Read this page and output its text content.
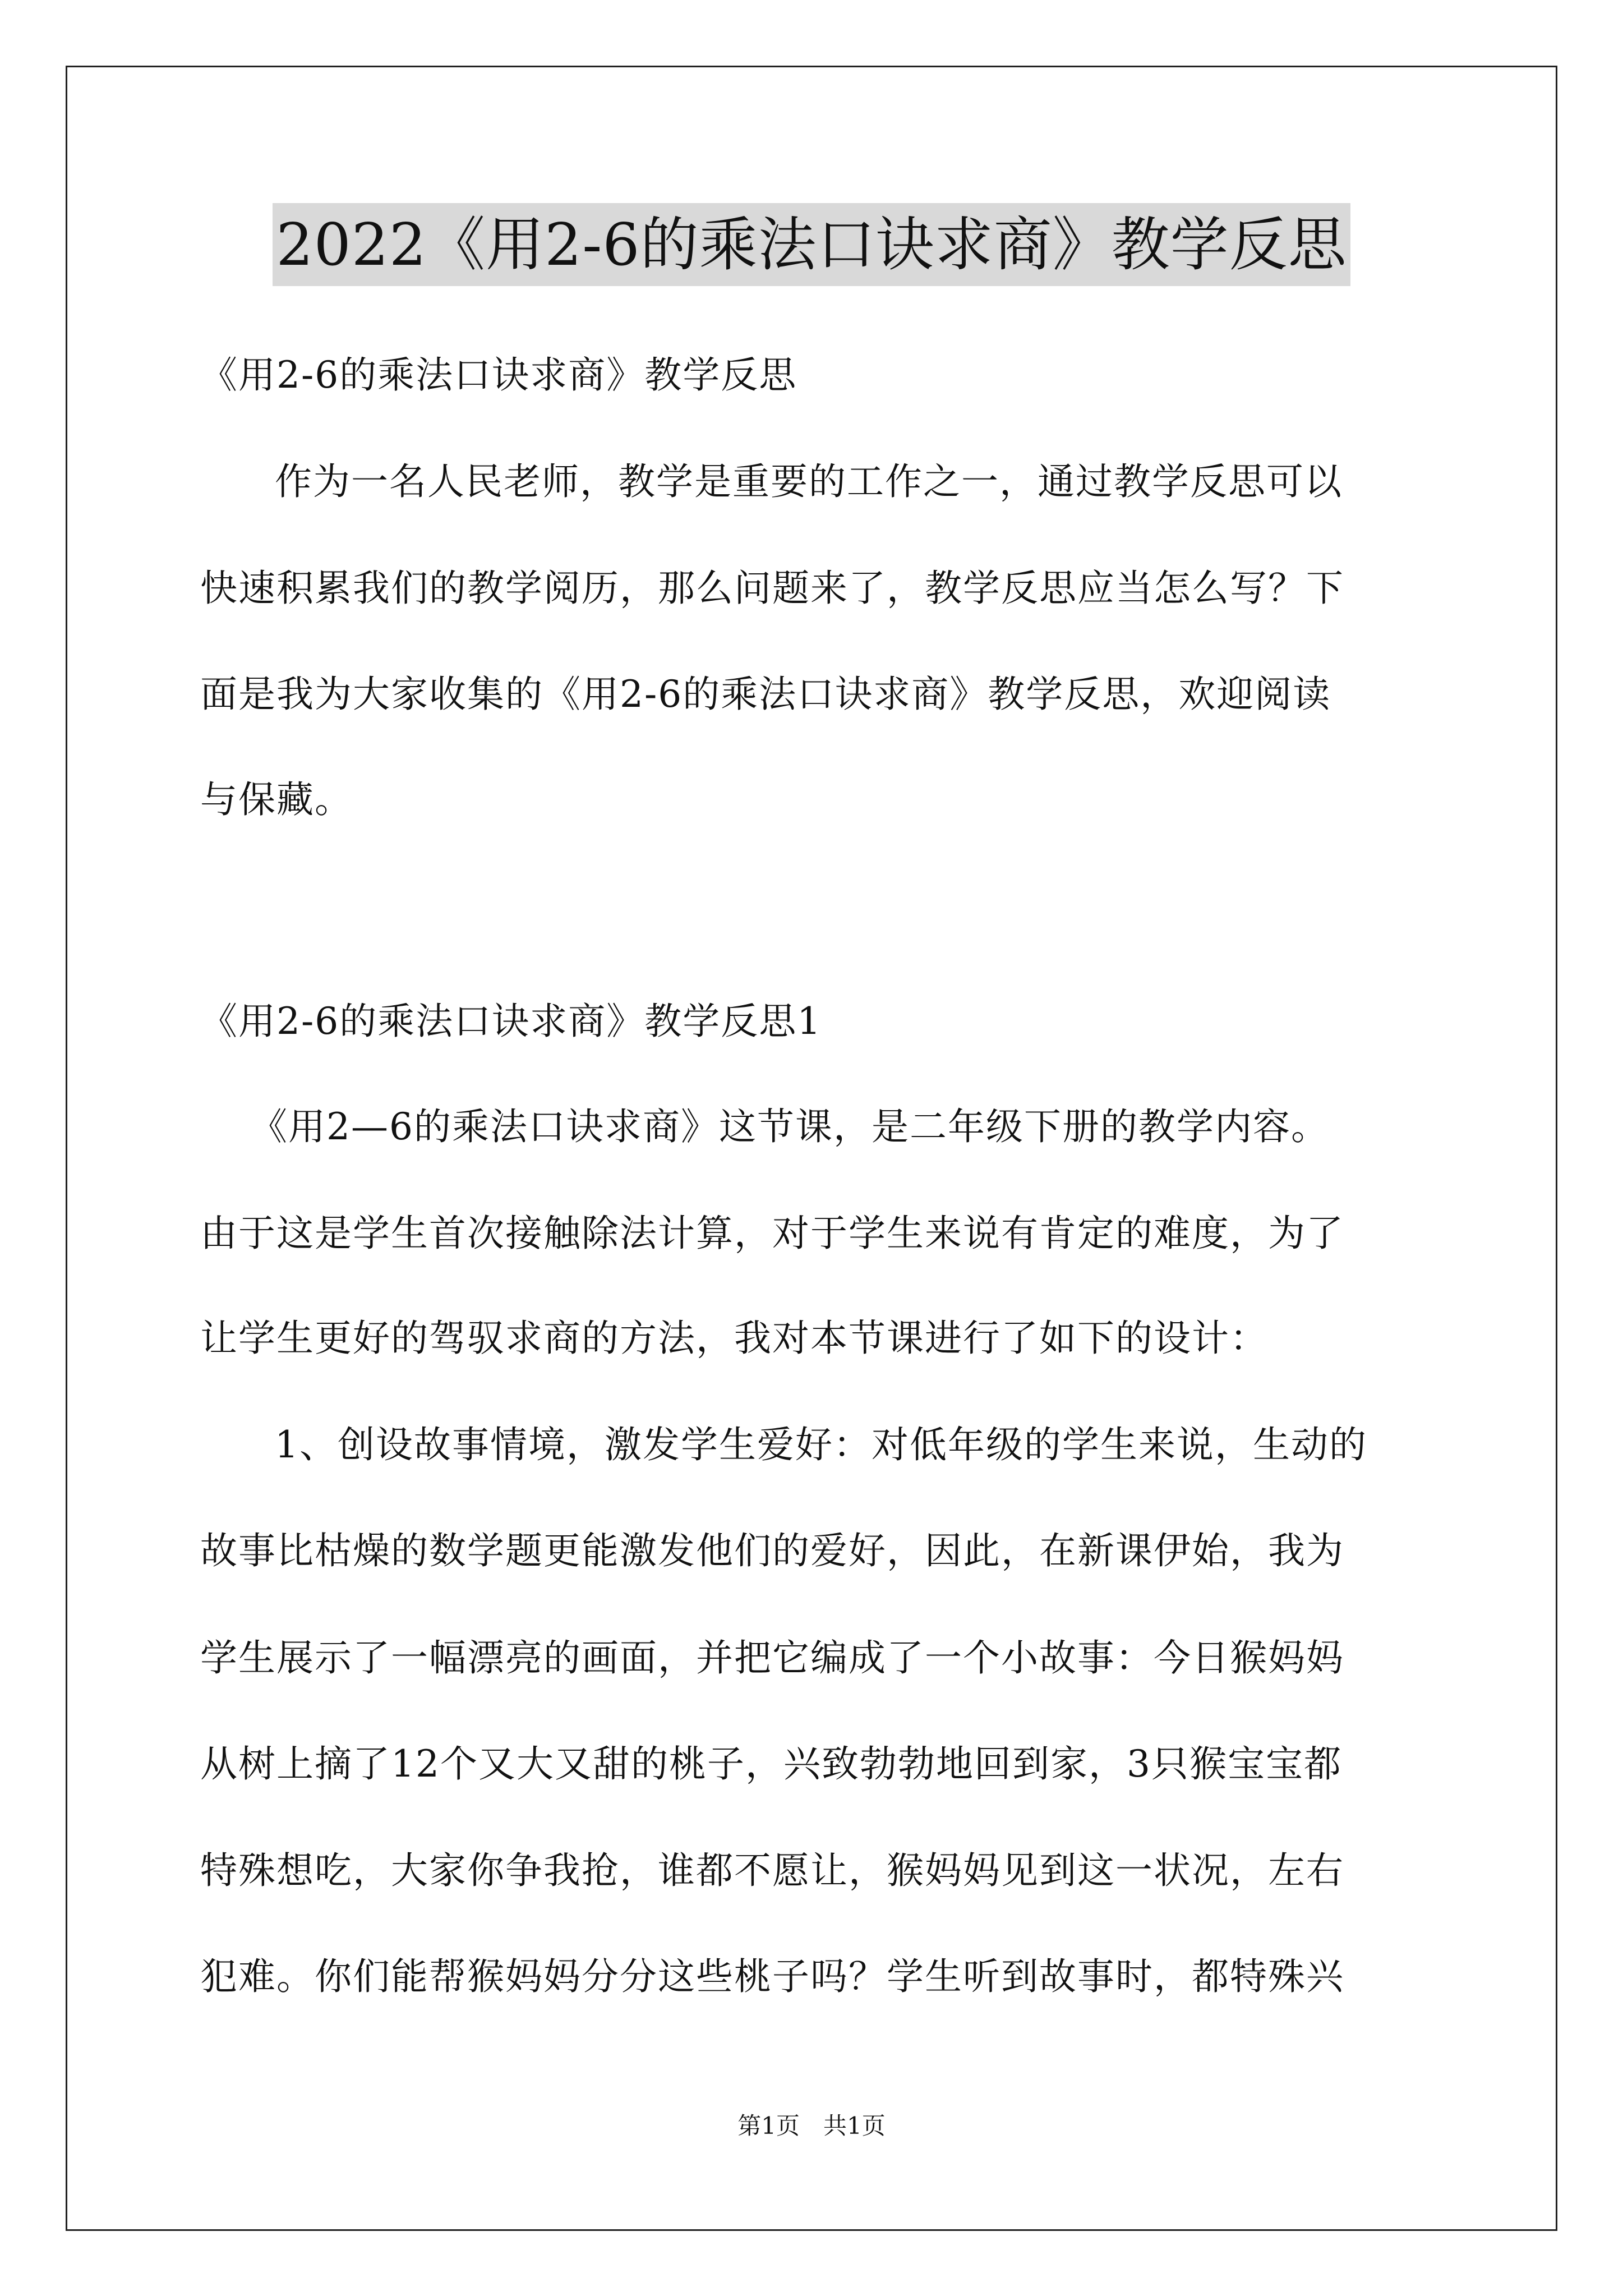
2022《用2-6的乘法口诀求商》教学反思
《用2-6的乘法口诀求商》教学反思
作为一名人民老师，教学是重要的工作之一，通过教学反思可以
快速积累我们的教学阅历，那么问题来了，教学反思应当怎么写？下
面是我为大家收集的《用2-6的乘法口诀求商》教学反思，欢迎阅读
与保藏。
《用2-6的乘法口诀求商》教学反思1
《用2—6的乘法口诀求商》这节课，是二年级下册的教学内容。
由于这是学生首次接触除法计算，对于学生来说有肯定的难度，为了
让学生更好的驾驭求商的方法，我对本节课进行了如下的设计：
1、创设故事情境，激发学生爱好：对低年级的学生来说，生动的
故事比枯燥的数学题更能激发他们的爱好，因此，在新课伊始，我为
学生展示了一幅漂亮的画面，并把它编成了一个小故事：今日猴妈妈
从树上摘了12个又大又甜的桃子，兴致勃勃地回到家，3只猴宝宝都
特殊想吃，大家你争我抢，谁都不愿让，猴妈妈见到这一状况，左右
犯难。你们能帮猴妈妈分分这些桃子吗？学生听到故事时，都特殊兴
第1页　共1页
